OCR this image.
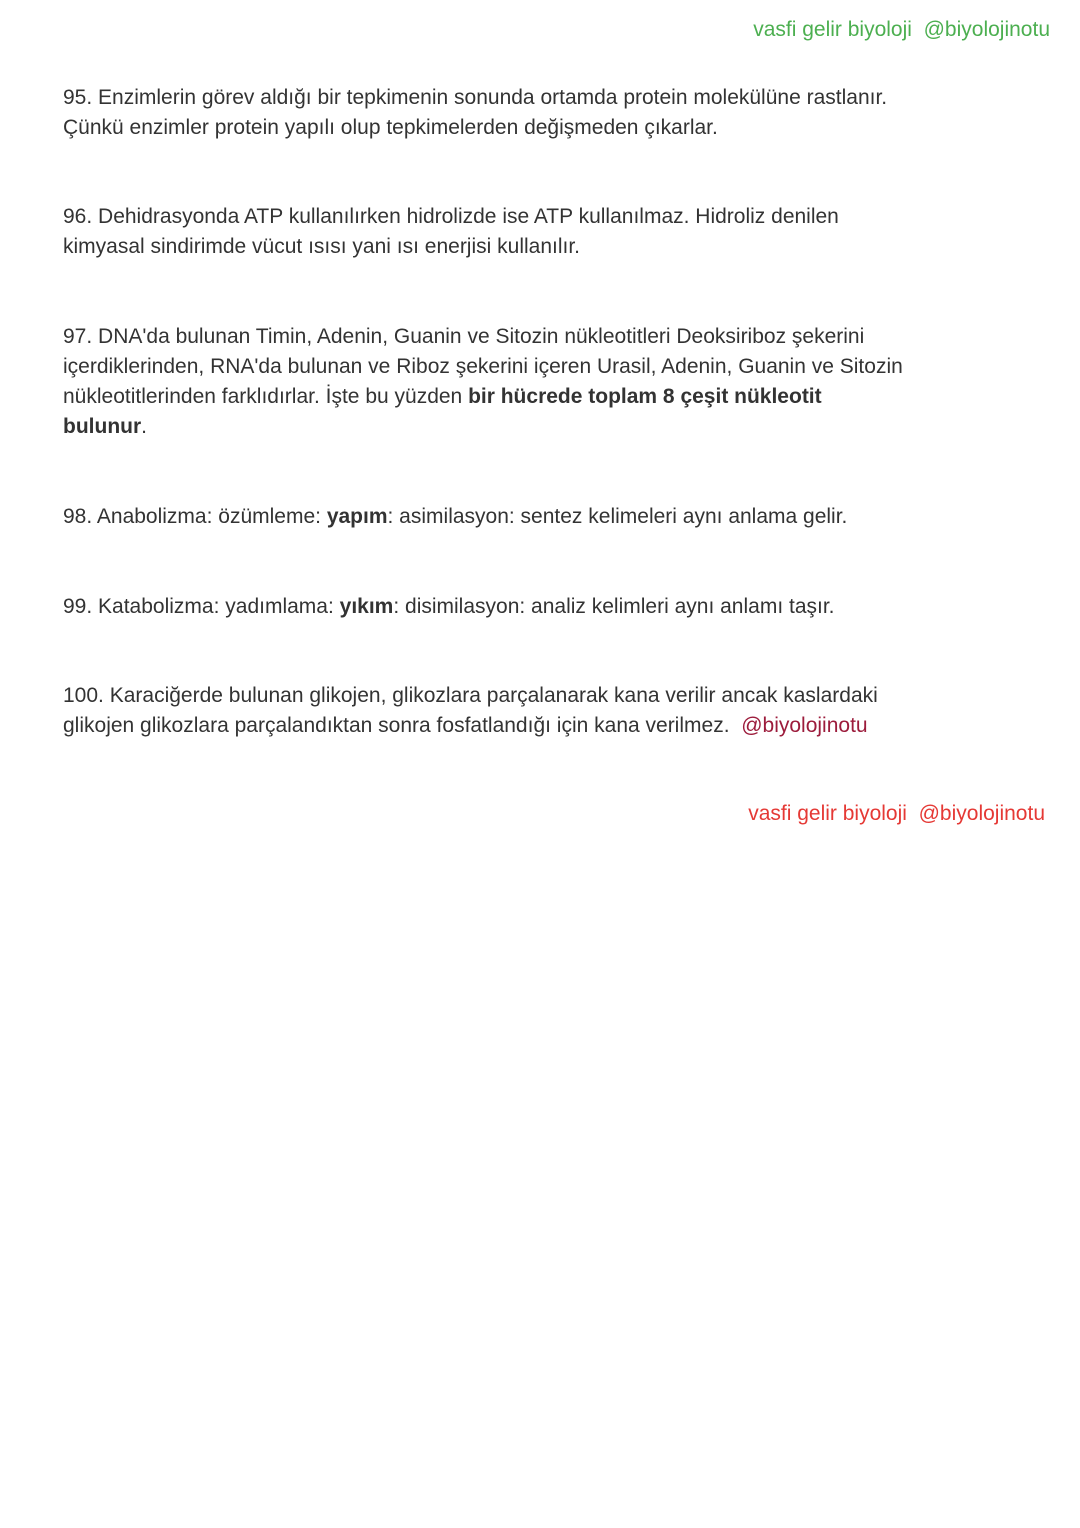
vasfi gelir biyoloji @biyolojinotu
95. Enzimlerin görev aldığı bir tepkimenin sonunda ortamda protein molekülüne rastlanır. Çünkü enzimler protein yapılı olup tepkimelerden değişmeden çıkarlar.
96. Dehidrasyonda ATP kullanılırken hidrolizde ise ATP kullanılmaz. Hidroliz denilen kimyasal sindirimde vücut ısısı yani ısı enerjisi kullanılır.
97. DNA'da bulunan Timin, Adenin, Guanin ve Sitozin nükleotitleri Deoksiriboz şekerini içerdiklerinden, RNA'da bulunan ve Riboz şekerini içeren Urasil, Adenin, Guanin ve Sitozin nükleotitlerinden farklıdırlar. İşte bu yüzden bir hücrede toplam 8 çeşit nükleotit bulunur.
98. Anabolizma: özümleme: yapım: asimilasyon: sentez kelimeleri aynı anlama gelir.
99. Katabolizma: yadımlama: yıkım: disimilasyon: analiz kelimleri aynı anlamı taşır.
100. Karaciğerde bulunan glikojen, glikozlara parçalanarak kana verilir ancak kaslardaki glikojen glikozlara parçalandıktan sonra fosfatlandığı için kana verilmez.  @biyolojinotu
vasfi gelir biyoloji @biyolojinotu
